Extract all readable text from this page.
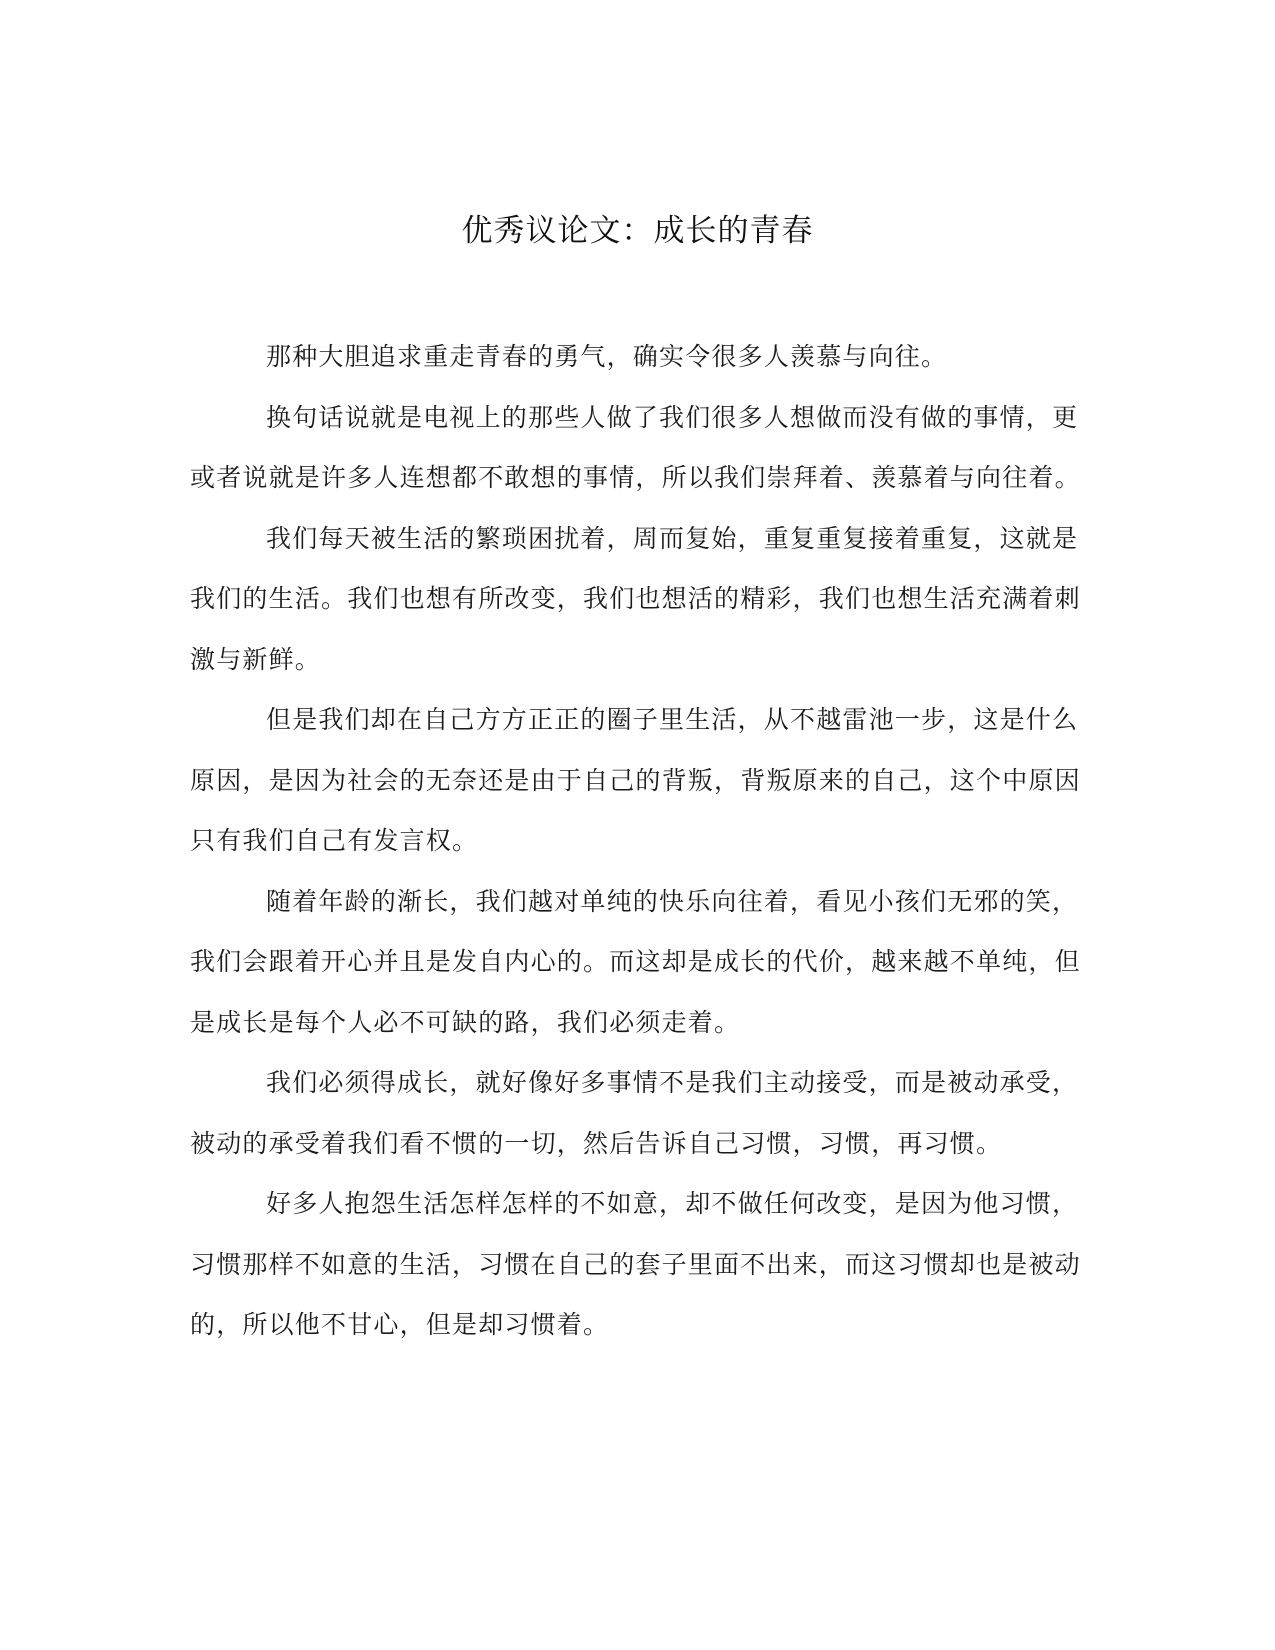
优秀议论文：成长的青春

那种大胆追求重走青春的勇气，确实令很多人羡慕与向往。

换句话说就是电视上的那些人做了我们很多人想做而没有做的事情，更或者说就是许多人连想都不敢想的事情，所以我们崇拜着、羡慕着与向往着。

我们每天被生活的繁琐困扰着，周而复始，重复重复接着重复，这就是我们的生活。我们也想有所改变，我们也想活的精彩，我们也想生活充满着刺激与新鲜。

但是我们却在自己方方正正的圈子里生活，从不越雷池一步，这是什么原因，是因为社会的无奈还是由于自己的背叛，背叛原来的自己，这个中原因只有我们自己有发言权。

随着年龄的渐长，我们越对单纯的快乐向往着，看见小孩们无邪的笑，我们会跟着开心并且是发自内心的。而这却是成长的代价，越来越不单纯，但是成长是每个人必不可缺的路，我们必须走着。

我们必须得成长，就好像好多事情不是我们主动接受，而是被动承受，被动的承受着我们看不惯的一切，然后告诉自己习惯，习惯，再习惯。

好多人抱怨生活怎样怎样的不如意，却不做任何改变，是因为他习惯，习惯那样不如意的生活，习惯在自己的套子里面不出来，而这习惯却也是被动的，所以他不甘心，但是却习惯着。
